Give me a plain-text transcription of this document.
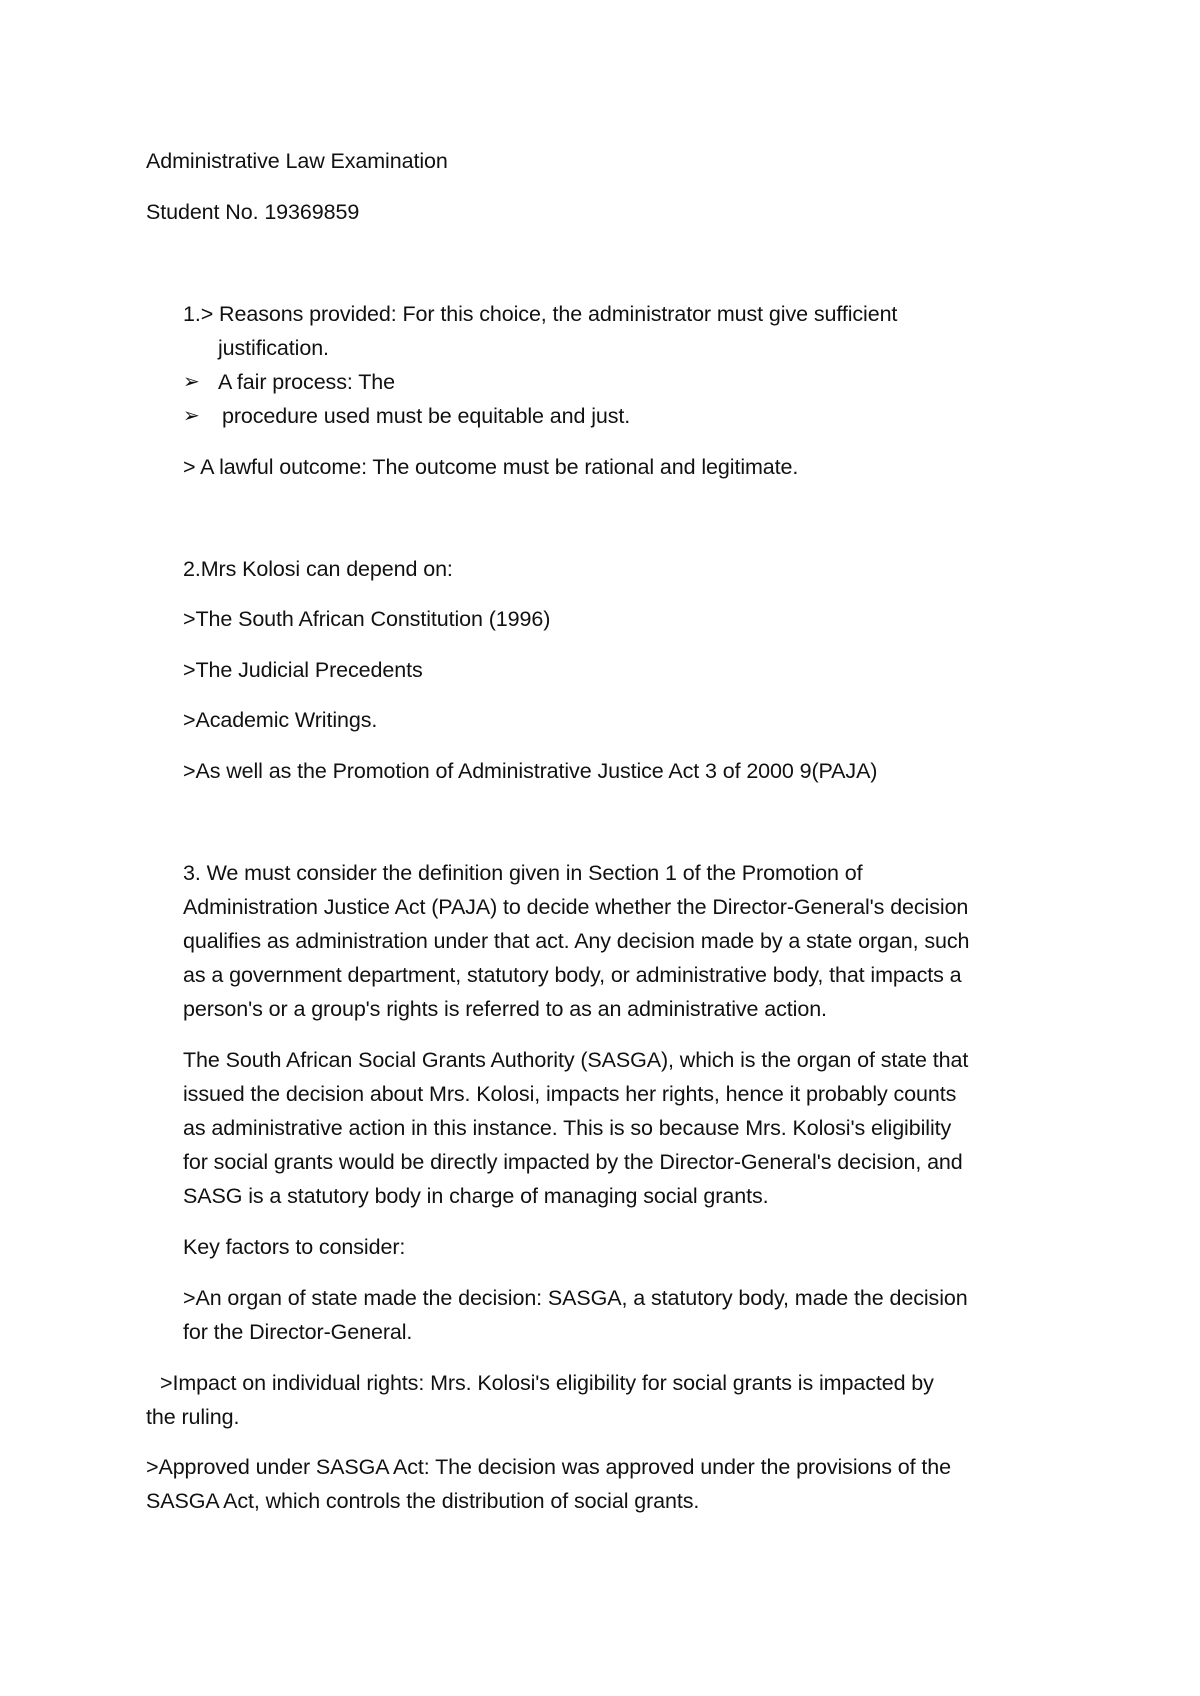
Administrative Law Examination
Student No. 19369859
1.> Reasons provided: For this choice, the administrator must give sufficient
justification.
➢ A fair process: The
➢ procedure used must be equitable and just.
> A lawful outcome: The outcome must be rational and legitimate.
2.Mrs Kolosi can depend on:
>The South African Constitution (1996)
>The Judicial Precedents
>Academic Writings.
>As well as the Promotion of Administrative Justice Act 3 of 2000 9(PAJA)
3. We must consider the definition given in Section 1 of the Promotion of
Administration Justice Act (PAJA) to decide whether the Director-General's decision
qualifies as administration under that act. Any decision made by a state organ, such
as a government department, statutory body, or administrative body, that impacts a
person's or a group's rights is referred to as an administrative action.
The South African Social Grants Authority (SASGA), which is the organ of state that
issued the decision about Mrs. Kolosi, impacts her rights, hence it probably counts
as administrative action in this instance. This is so because Mrs. Kolosi's eligibility
for social grants would be directly impacted by the Director-General's decision, and
SASG is a statutory body in charge of managing social grants.
Key factors to consider:
>An organ of state made the decision: SASGA, a statutory body, made the decision
for the Director-General.
>Impact on individual rights: Mrs. Kolosi's eligibility for social grants is impacted by
the ruling.
>Approved under SASGA Act: The decision was approved under the provisions of the
SASGA Act, which controls the distribution of social grants.
